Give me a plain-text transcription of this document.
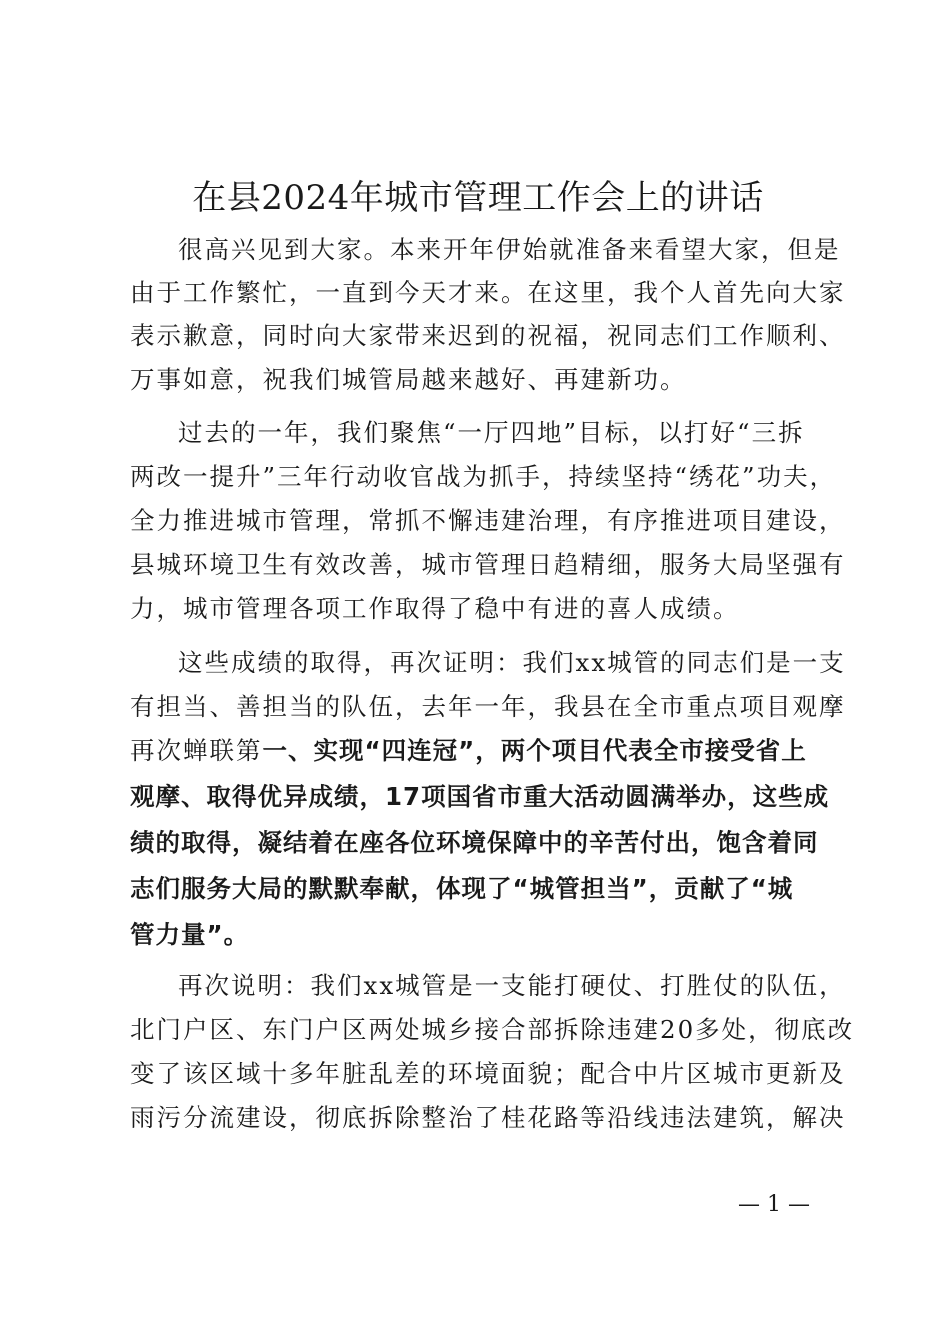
在县2024年城市管理工作会上的讲话
很高兴见到大家。本来开年伊始就准备来看望大家，但是
由于工作繁忙，一直到今天才来。在这里，我个人首先向大家
表示歉意，同时向大家带来迟到的祝福，祝同志们工作顺利、
万事如意，祝我们城管局越来越好、再建新功。
过去的一年，我们聚焦“一厅四地”目标，以打好“三拆
两改一提升”三年行动收官战为抓手，持续坚持“绣花”功夫，
全力推进城市管理，常抓不懈违建治理，有序推进项目建设，
县城环境卫生有效改善，城市管理日趋精细，服务大局坚强有
力，城市管理各项工作取得了稳中有进的喜人成绩。
这些成绩的取得，再次证明：我们xx城管的同志们是一支
有担当、善担当的队伍，去年一年，我县在全市重点项目观摩
再次蝉联第一、实现“四连冠”，两个项目代表全市接受省上
观摩、取得优异成绩，17项国省市重大活动圆满举办，这些成
绩的取得，凝结着在座各位环境保障中的辛苦付出，饱含着同
志们服务大局的默默奉献，体现了“城管担当”，贡献了“城
管力量”。
再次说明：我们xx城管是一支能打硬仗、打胜仗的队伍，
北门户区、东门户区两处城乡接合部拆除违建20多处，彻底改
变了该区域十多年脏乱差的环境面貌；配合中片区城市更新及
雨污分流建设，彻底拆除整治了桂花路等沿线违法建筑，解决
— 1 —
